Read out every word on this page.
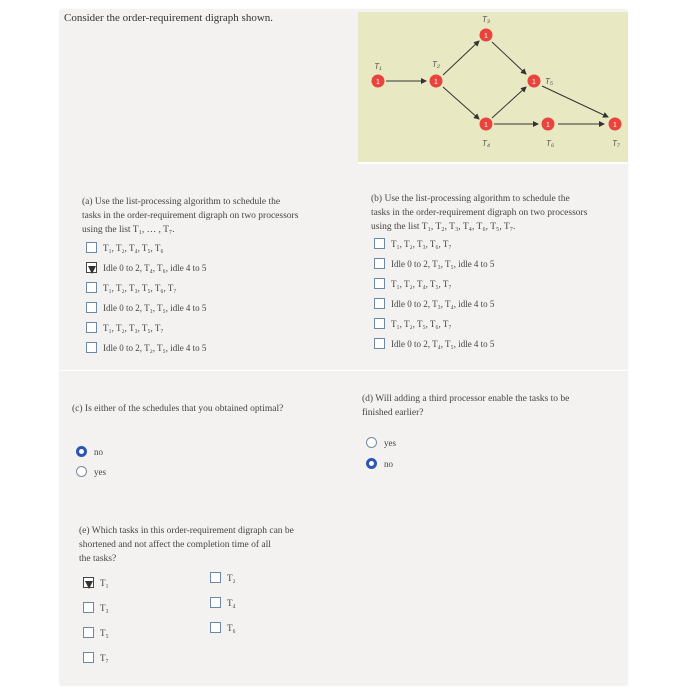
Consider the order-requirement digraph shown.
1
T₁
1
T₂
1
T₃
1
T₄
1 T₅
1
T₆
1
T₇
(a) Use the list-processing algorithm to schedule the
tasks in the order-requirement digraph on two processors
using the list T₁, … , T₇.
T₁, T₂, T₄, T₅, T₆
Idle 0 to 2, T₄, T₆, idle 4 to 5
T₁, T₂, T₃, T₅, T₆, T₇
Idle 0 to 2, T₁, T₅, idle 4 to 5
T₁, T₂, T₃, T₅, T₇
Idle 0 to 2, T₂, T₅, idle 4 to 5
(b) Use the list-processing algorithm to schedule the
tasks in the order-requirement digraph on two processors
using the list T₁, T₂, T₃, T₄, T₆, T₅, T₇.
T₁, T₂, T₃, T₆, T₇
Idle 0 to 2, T₃, T₅, idle 4 to 5
T₁, T₂, T₄, T₅, T₇
Idle 0 to 2, T₃, T₄, idle 4 to 5
T₁, T₂, T₅, T₆, T₇
Idle 0 to 2, T₄, T₅, idle 4 to 5
(c) Is either of the schedules that you obtained optimal?
no
yes
(d) Will adding a third processor enable the tasks to be
finished earlier?
yes
no
(e) Which tasks in this order-requirement digraph can be
shortened and not affect the completion time of all
the tasks?
T₁
T₃
T₅
T₇
T₂
T₄
T₆
